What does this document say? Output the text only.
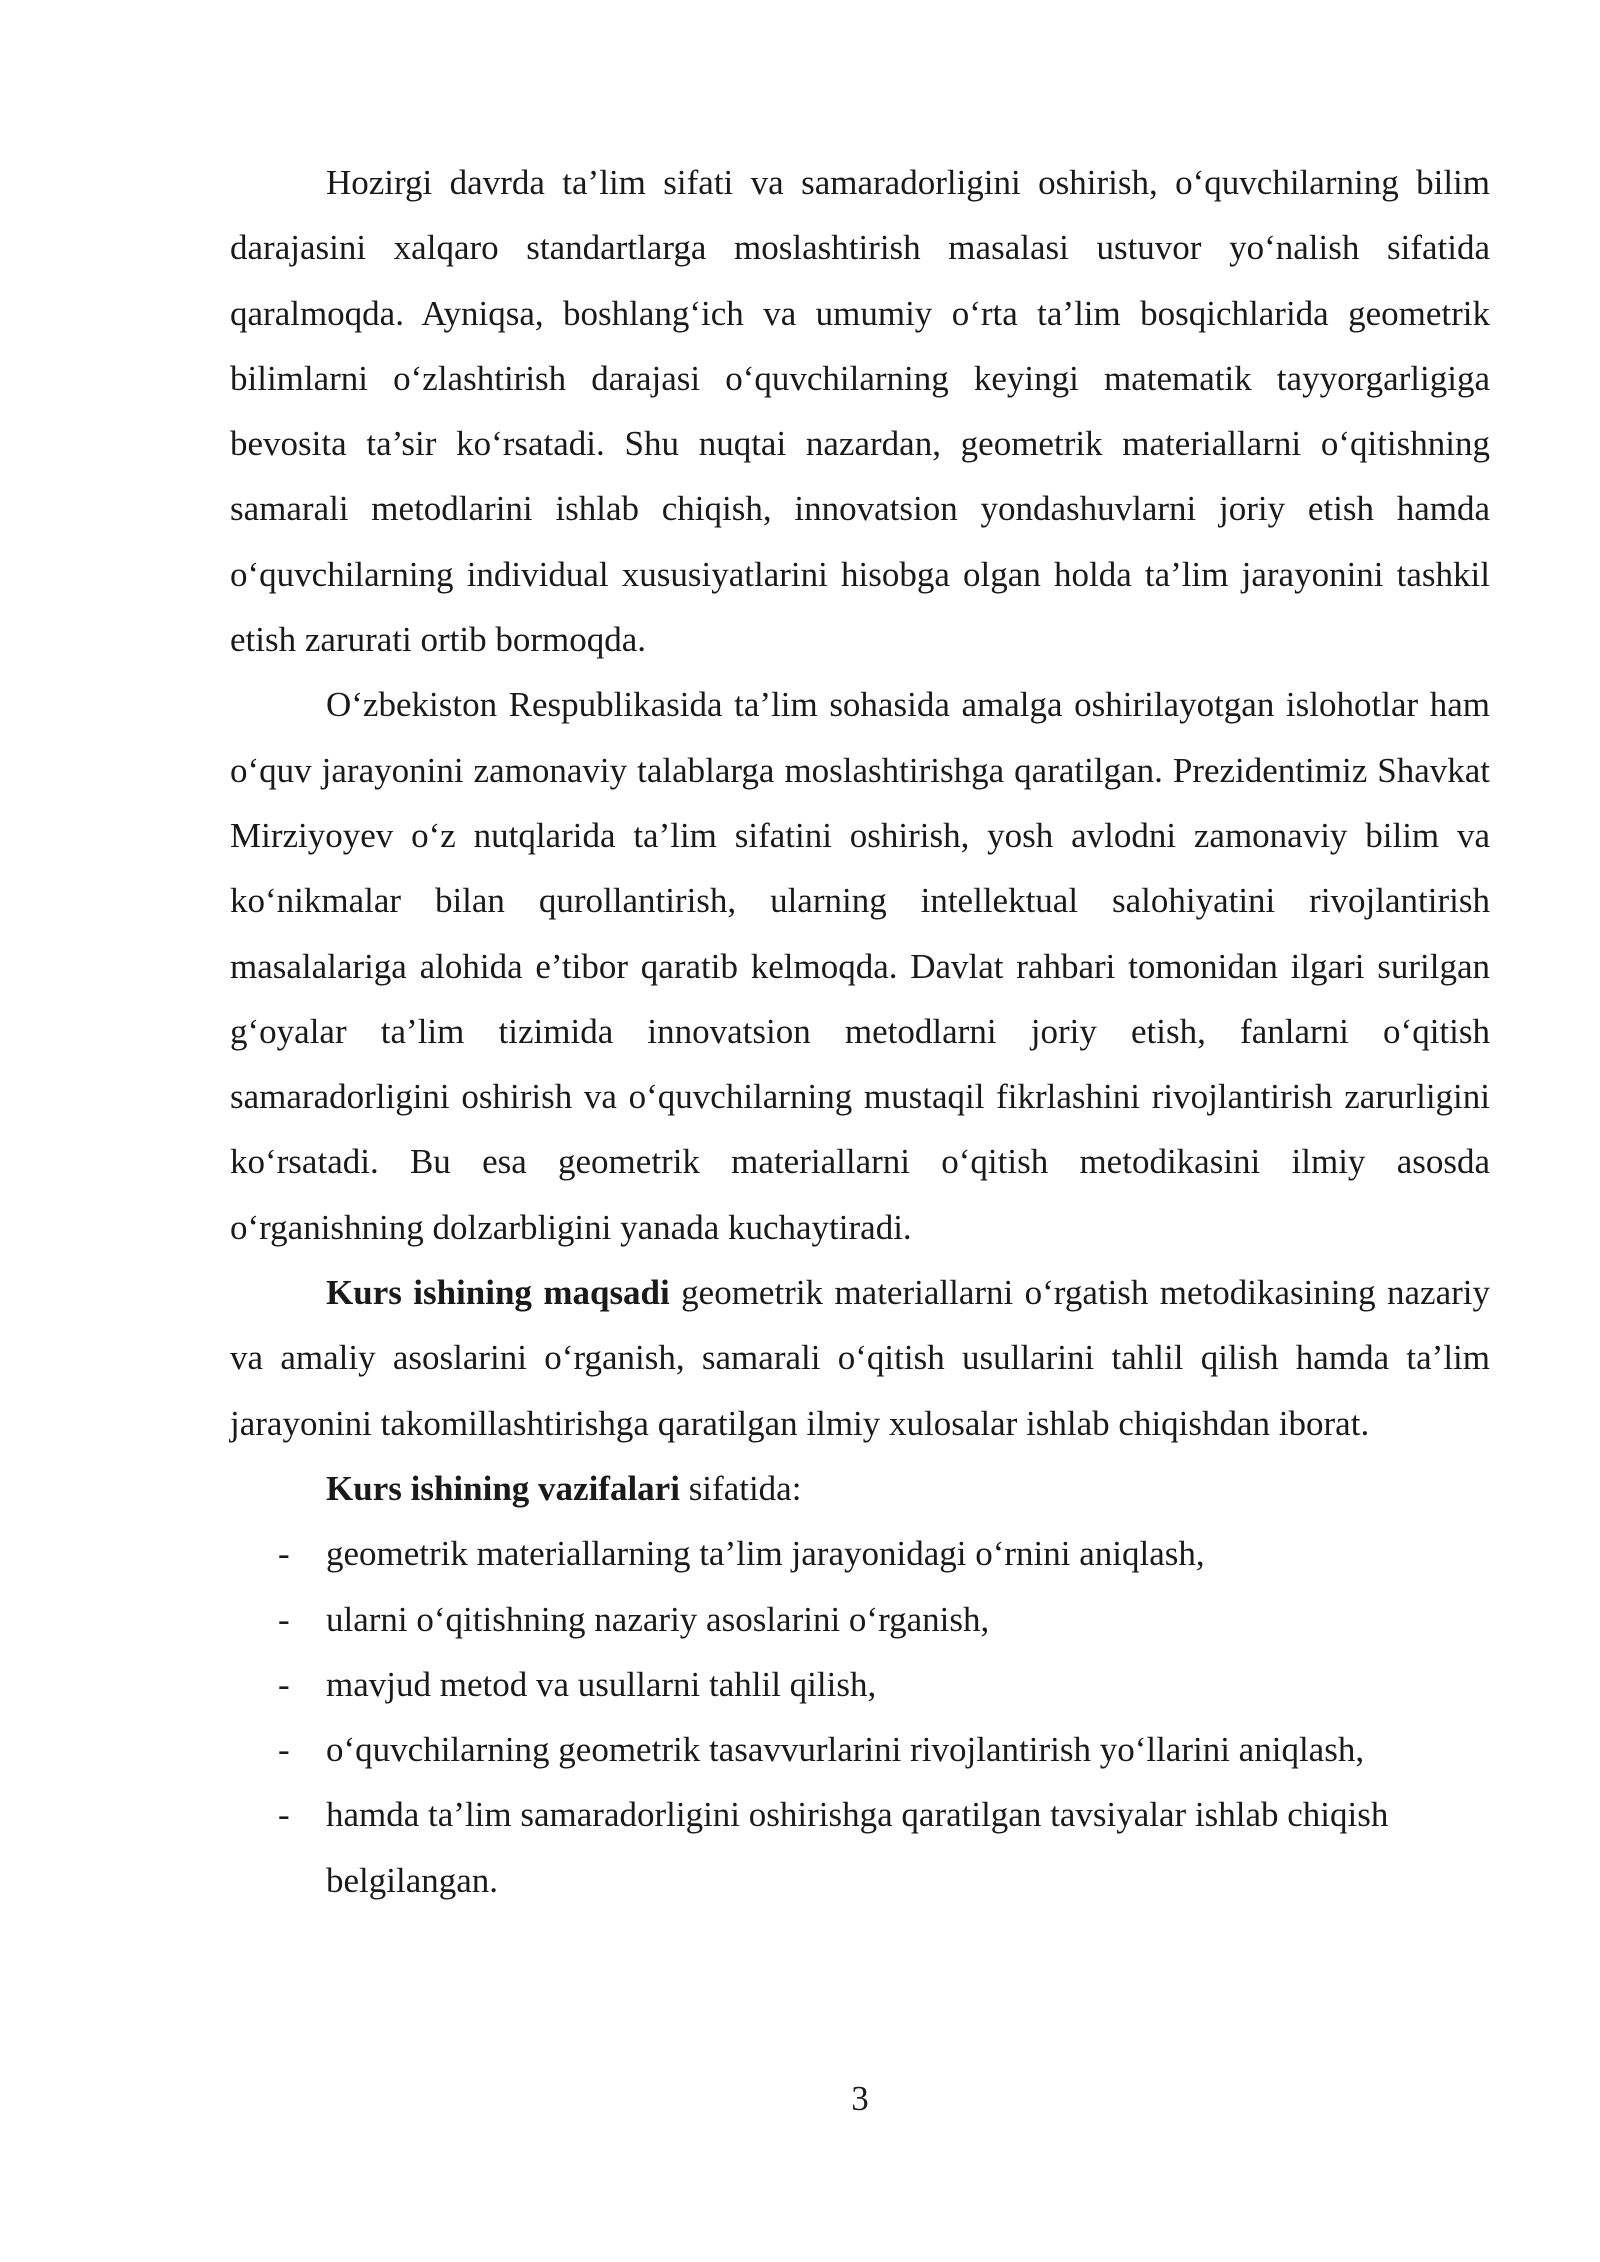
Hozirgi davrda ta’lim sifati va samaradorligini oshirish, o‘quvchilarning bilim darajasini xalqaro standartlarga moslashtirish masalasi ustuvor yo‘nalish sifatida qaralmoqda. Ayniqsa, boshlang‘ich va umumiy o‘rta ta’lim bosqichlarida geometrik bilimlarni o‘zlashtirish darajasi o‘quvchilarning keyingi matematik tayyorgarligiga bevosita ta’sir ko‘rsatadi. Shu nuqtai nazardan, geometrik materiallarni o‘qitishning samarali metodlarini ishlab chiqish, innovatsion yondashuvlarni joriy etish hamda o‘quvchilarning individual xususiyatlarini hisobga olgan holda ta’lim jarayonini tashkil etish zarurati ortib bormoqda.

O‘zbekiston Respublikasida ta’lim sohasida amalga oshirilayotgan islohotlar ham o‘quv jarayonini zamonaviy talablarga moslashtirishga qaratilgan. Prezidentimiz Shavkat Mirziyoyev o‘z nutqlarida ta’lim sifatini oshirish, yosh avlodni zamonaviy bilim va ko‘nikmalar bilan qurollantirish, ularning intellektual salohiyatini rivojlantirish masalalariga alohida e’tibor qaratib kelmoqda. Davlat rahbari tomonidan ilgari surilgan g‘oyalar ta’lim tizimida innovatsion metodlarni joriy etish, fanlarni o‘qitish samaradorligini oshirish va o‘quvchilarning mustaqil fikrlashini rivojlantirish zarurligini ko‘rsatadi. Bu esa geometrik materiallarni o‘qitish metodikasini ilmiy asosda o‘rganishning dolzarbligini yanada kuchaytiradi.

Kurs ishining maqsadi geometrik materiallarni o‘rgatish metodikasining nazariy va amaliy asoslarini o‘rganish, samarali o‘qitish usullarini tahlil qilish hamda ta’lim jarayonini takomillashtirishga qaratilgan ilmiy xulosalar ishlab chiqishdan iborat.

Kurs ishining vazifalari sifatida:

- geometrik materiallarning ta’lim jarayonidagi o‘rnini aniqlash,
- ularni o‘qitishning nazariy asoslarini o‘rganish,
- mavjud metod va usullarni tahlil qilish,
- o‘quvchilarning geometrik tasavvurlarini rivojlantirish yo‘llarini aniqlash,
- hamda ta’lim samaradorligini oshirishga qaratilgan tavsiyalar ishlab chiqish belgilangan.
3
